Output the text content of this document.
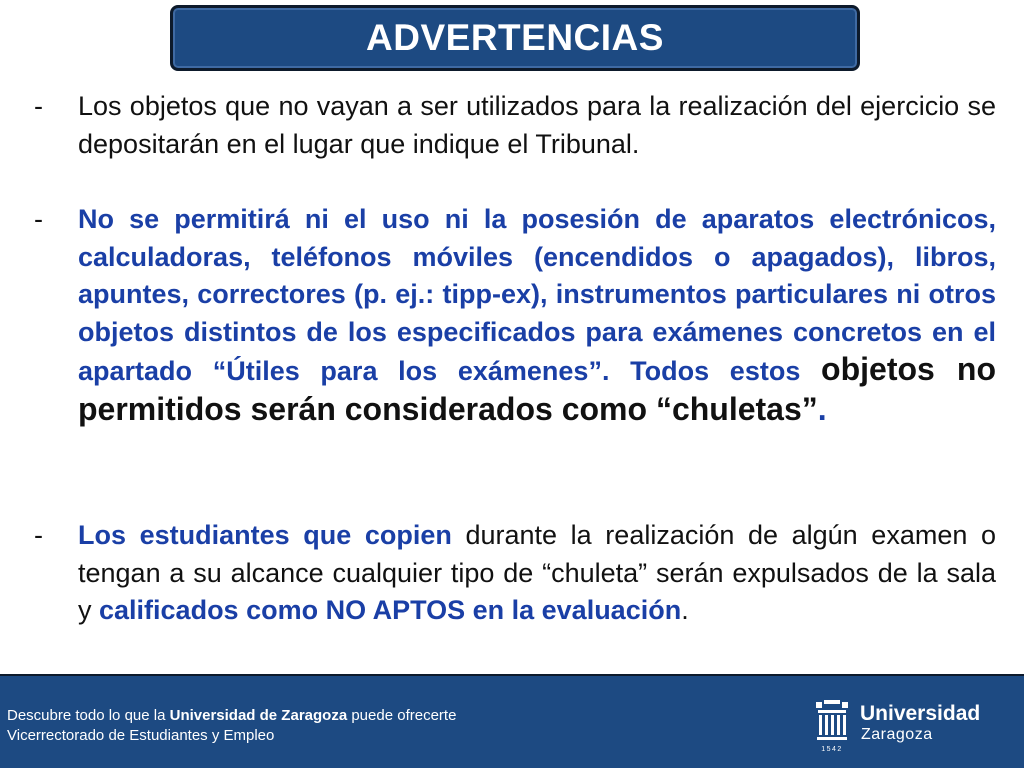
ADVERTENCIAS
- Los objetos que no vayan a ser utilizados para la realización del ejercicio se depositarán en el lugar que indique el Tribunal.

- No se permitirá ni el uso ni la posesión de aparatos electrónicos, calculadoras, teléfonos móviles (encendidos o apagados), libros, apuntes, correctores (p. ej.: tipp-ex), instrumentos particulares ni otros objetos distintos de los especificados para exámenes concretos en el apartado “Útiles para los exámenes”. Todos estos objetos no permitidos serán considerados como “chuletas”.

- Los estudiantes que copien durante la realización de algún examen o tengan a su alcance cualquier tipo de “chuleta” serán expulsados de la sala y calificados como NO APTOS en la evaluación.

Descubre todo lo que la Universidad de Zaragoza puede ofrecerte
Vicerrectorado de Estudiantes y Empleo
1542
Universidad
Zaragoza
